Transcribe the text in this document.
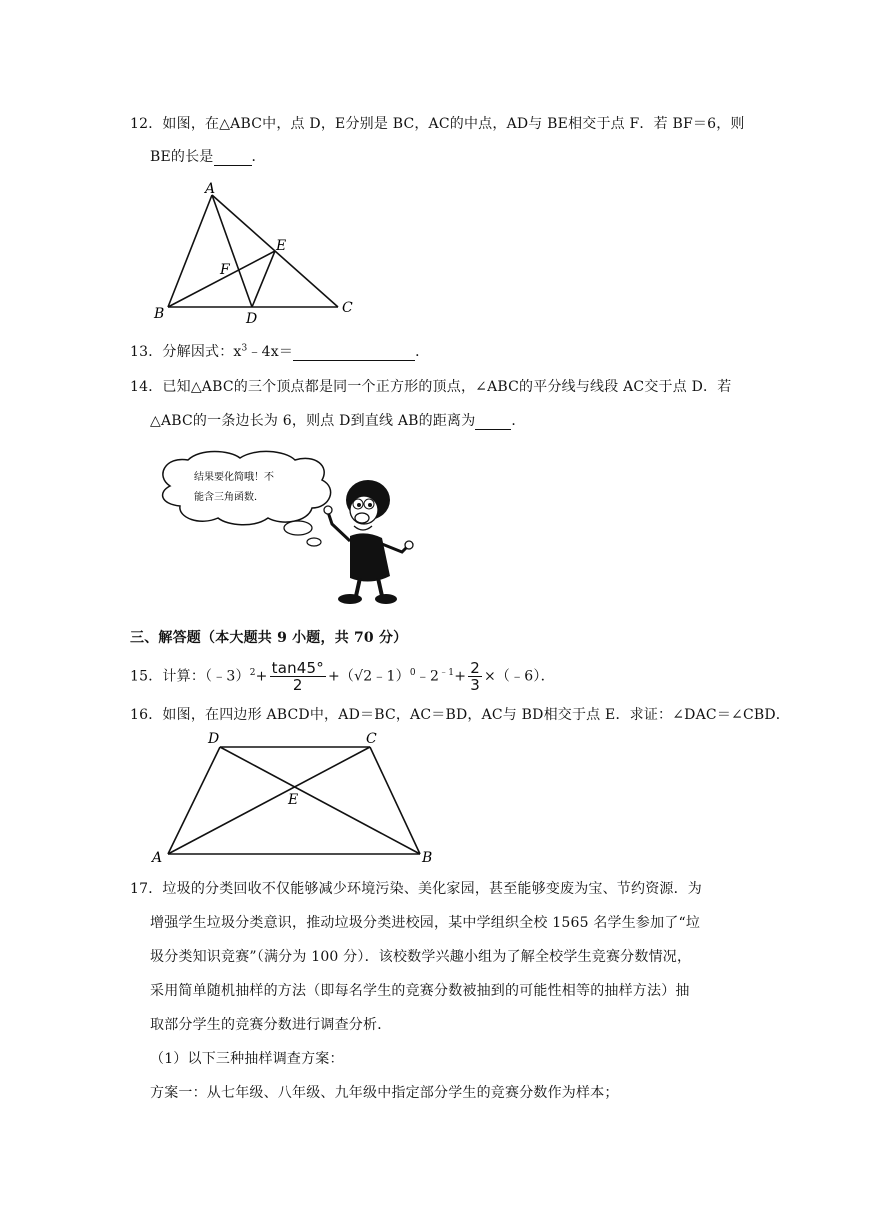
12．如图，在△ABC中，点 D，E分别是 BC，AC的中点，AD与 BE相交于点 F．若 BF＝6，则
BE的长是	．
A
B	C
D
E
F
13．分解因式：$x^3﹣4x=$	．
14．已知△ABC的三个顶点都是同一个正方形的顶点，∠ABC的平分线与线段 AC交于点 D．若
△ABC的一条边长为 6，则点 D到直线 AB的距离为	．
结果要化简哦！不
能含三角函数．
三、解答题（本大题共 9 小题，共 70 分）
15．计算：（﹣3）$^2$+ $\frac{\tan 45^\circ}{2}$ $+(√2﹣1)^0﹣2^{﹣1}+ \frac{2}{3}$ ×（﹣6）．
16．如图，在四边形 ABCD中，AD＝BC，AC＝BD，AC与 BD相交于点 E．求证：∠DAC＝∠CBD．
A	B
C
D
E
17．垃圾的分类回收不仅能够减少环境污染、美化家园，甚至能够变废为宝、节约资源．为
增强学生垃圾分类意识，推动垃圾分类进校园，某中学组织全校 1565 名学生参加了“垃
圾分类知识竞赛”（满分为 100 分）．该校数学兴趣小组为了解全校学生竞赛分数情况，
采用简单随机抽样的方法（即每名学生的竞赛分数被抽到的可能性相等的抽样方法）抽
取部分学生的竞赛分数进行调查分析．
（1）以下三种抽样调查方案：
方案一：从七年级、八年级、九年级中指定部分学生的竞赛分数作为样本；
